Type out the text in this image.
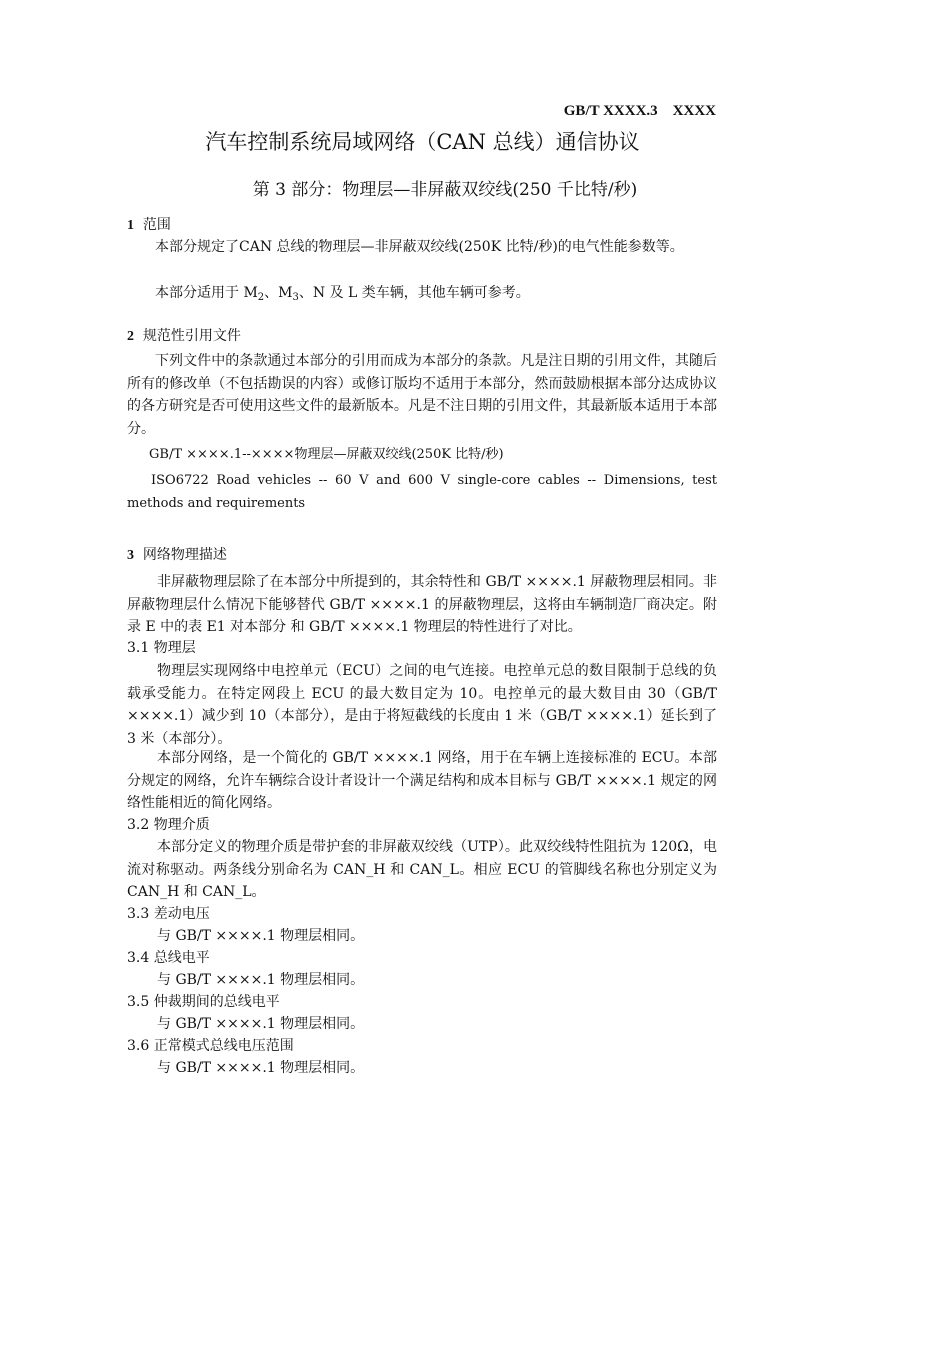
GB/T XXXX.3    XXXX
汽车控制系统局域网络（CAN 总线）通信协议
第 3 部分：物理层—非屏蔽双绞线(250 千比特/秒)

1 范围

本部分规定了CAN 总线的物理层—非屏蔽双绞线(250K 比特/秒)的电气性能参数等。

本部分适用于 $M_2$、$M_3$、N 及 L 类车辆，其他车辆可参考。

2 规范性引用文件

下列文件中的条款通过本部分的引用而成为本部分的条款。凡是注日期的引用文件，其随后所有的修改单（不包括勘误的内容）或修订版均不适用于本部分，然而鼓励根据本部分达成协议的各方研究是否可使用这些文件的最新版本。凡是不注日期的引用文件，其最新版本适用于本部分。

GB/T ××××.1--××××物理层—屏蔽双绞线(250K 比特/秒)

ISO6722 Road vehicles -- 60 V and 600 V single-core cables -- Dimensions, test methods and requirements

3 网络物理描述

非屏蔽物理层除了在本部分中所提到的，其余特性和 GB/T ××××.1 屏蔽物理层相同。非屏蔽物理层什么情况下能够替代 GB/T ××××.1 的屏蔽物理层，这将由车辆制造厂商决定。附录 E 中的表 E1 对本部分 和 GB/T ××××.1 物理层的特性进行了对比。

3.1 物理层

物理层实现网络中电控单元（ECU）之间的电气连接。电控单元总的数目限制于总线的负载承受能力。在特定网段上 ECU 的最大数目定为 10。电控单元的最大数目由 30（GB/T ××××.1）减少到 10（本部分），是由于将短截线的长度由 1 米（GB/T ××××.1）延长到了 3 米（本部分）。

本部分网络，是一个简化的 GB/T ××××.1 网络，用于在车辆上连接标准的 ECU。本部分规定的网络，允许车辆综合设计者设计一个满足结构和成本目标与 GB/T ××××.1 规定的网络性能相近的简化网络。

3.2 物理介质

本部分定义的物理介质是带护套的非屏蔽双绞线（UTP）。此双绞线特性阻抗为 120Ω，电流对称驱动。两条线分别命名为 CAN_H 和 CAN_L。相应 ECU 的管脚线名称也分别定义为 CAN_H 和 CAN_L。

3.3 差动电压

与 GB/T ××××.1 物理层相同。

3.4 总线电平

与 GB/T ××××.1 物理层相同。

3.5 仲裁期间的总线电平

与 GB/T ××××.1 物理层相同。

3.6 正常模式总线电压范围

与 GB/T ××××.1 物理层相同。
